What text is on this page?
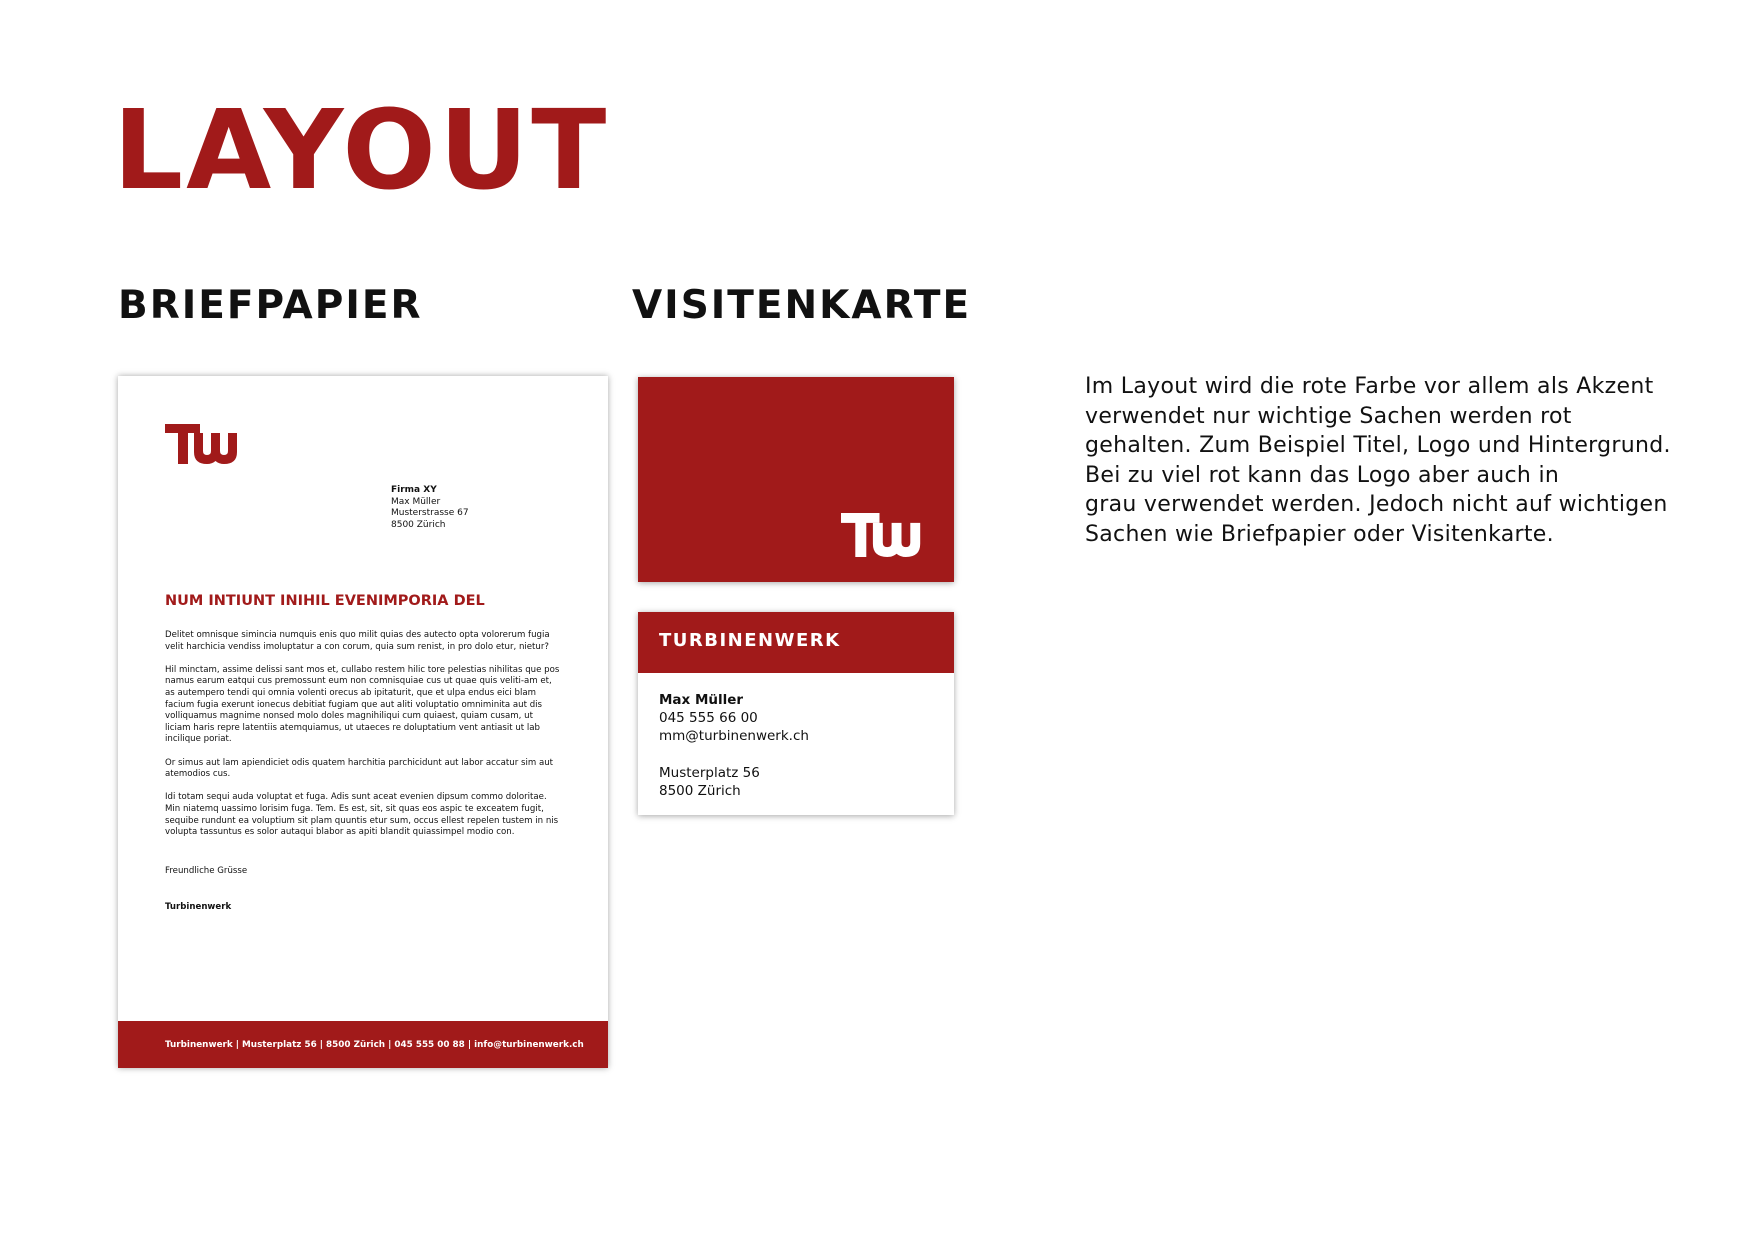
LAYOUT
BRIEFPAPIER	VISITENKARTE
Firma XY
Max Müller
Musterstrasse 67
8500 Zürich
NUM INTIUNT INIHIL EVENIMPORIA DEL

Delitet omnisque simincia numquis enis quo milit quias des autecto opta volorerum fugia velit harchicia vendiss imoluptatur a con corum, quia sum renist, in pro dolo etur, nietur?

Hil minctam, assime delissi sant mos et, cullabo restem hilic tore pelestias nihilitas que pos namus earum eatqui cus premossunt eum non comnisquiae cus ut quae quis veliti-am et, as autempero tendi qui omnia volenti orecus ab ipitaturit, que et ulpa endus eici blam facium fugia exerunt ionecus debitiat fugiam que aut aliti voluptatio omniminita aut dis volliquamus magnime nonsed molo doles magnihiliqui cum quiaest, quiam cusam, ut liciam haris repre latentiis atemquiamus, ut utaeces re doluptatium vent antiasit ut lab incilique poriat.

Or simus aut lam apiendiciet odis quatem harchitia parchicidunt aut labor accatur sim aut atemodios cus.

Idi totam sequi auda voluptat et fuga. Adis sunt aceat evenien dipsum commo doloritae. Min niatemq uassimo lorisim fuga. Tem. Es est, sit, sit quas eos aspic te exceatem fugit, sequibe rundunt ea voluptium sit plam quuntis etur sum, occus ellest repelen tustem in nis volupta tassuntus es solor autaqui blabor as apiti blandit quiassimpel modio con.

Freundliche Grüsse
Turbinenwerk
Turbinenwerk | Musterplatz 56 | 8500 Zürich | 045 555 00 88 | info@turbinenwerk.ch
TURBINENWERK
Max Müller
045 555 66 00
mm@turbinenwerk.ch
Musterplatz 56
8500 Zürich

Im Layout wird die rote Farbe vor allem als Akzent
verwendet nur wichtige Sachen werden rot
gehalten. Zum Beispiel Titel, Logo und Hintergrund.
Bei zu viel rot kann das Logo aber auch in
grau verwendet werden. Jedoch nicht auf wichtigen
Sachen wie Briefpapier oder Visitenkarte.
